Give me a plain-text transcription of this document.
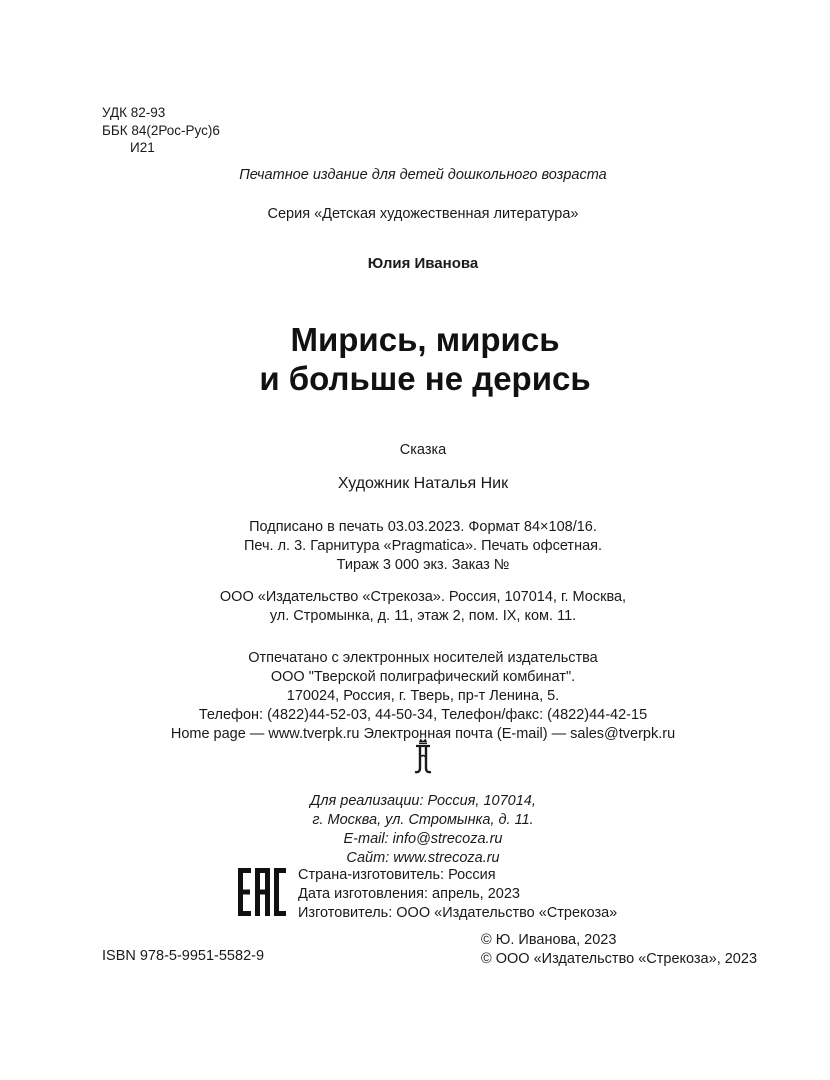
УДК 82-93
ББК 84(2Рос-Рус)6
И21
Печатное издание для детей дошкольного возраста
Серия «Детская художественная литература»
Юлия Иванова
Мирись, мирись
и больше не дерись
Сказка
Художник Наталья Ник
Подписано в печать 03.03.2023. Формат 84×108/16.
Печ. л. 3. Гарнитура «Pragmatica». Печать офсетная.
Тираж 3 000 экз. Заказ №
ООО «Издательство «Стрекоза». Россия, 107014, г. Москва,
ул. Стромынка, д. 11, этаж 2, пом. IX, ком. 11.
Отпечатано с электронных носителей издательства
ООО "Тверской полиграфический комбинат".
170024, Россия, г. Тверь, пр-т Ленина, 5.
Телефон: (4822)44-52-03, 44-50-34, Телефон/факс: (4822)44-42-15
Home page — www.tverpk.ru Электронная почта (E-mail) — sales@tverpk.ru
Для реализации: Россия, 107014,
г. Москва, ул. Стромынка, д. 11.
E-mail: info@strecoza.ru
Сайт: www.strecoza.ru
Страна-изготовитель: Россия
Дата изготовления: апрель, 2023
Изготовитель: ООО «Издательство «Стрекоза»
© Ю. Иванова, 2023
© ООО «Издательство «Стрекоза», 2023
ISBN 978-5-9951-5582-9
